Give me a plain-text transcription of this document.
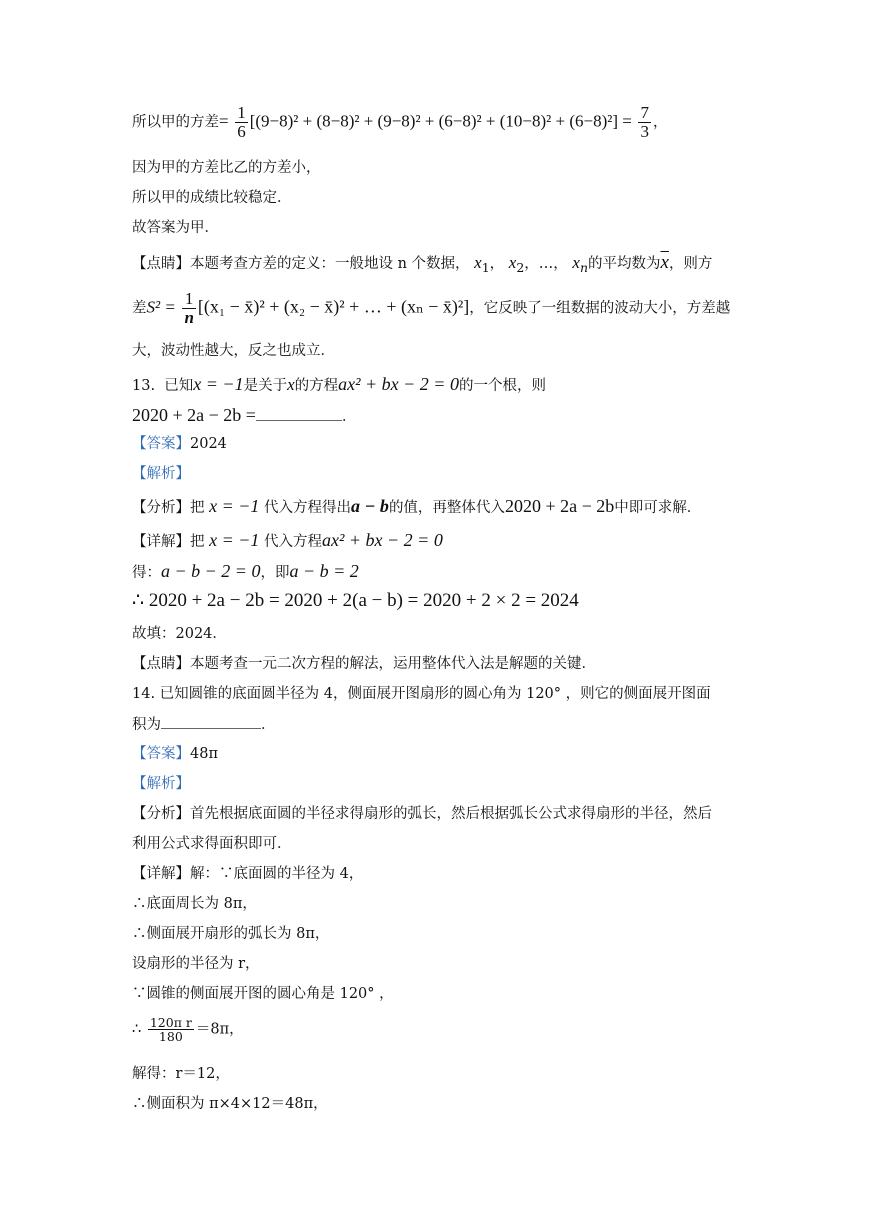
所以甲的方差= $\frac{1}{6} [(9-8)^2 + (8-8)^2 + (9-8)^2 + (6-8)^2 + (10-8)^2 + (6-8)^2] = \frac{7}{3}$ ，
因为甲的方差比乙的方差小，
所以甲的成绩比较稳定．
故答案为甲．
【点睛】本题考查方差的定义：一般地设 n 个数据， $x_1$， $x_2$，…， $x_n$的平均数为$\overline{x}$，则方
差$S^2 = \frac{1}{n} [(x_1$ − x̄)² + (x₂ − x̄)² + … + (xₙ − x̄)²]，它反映了一组数据的波动大小，方差越
大，波动性越大，反之也成立．
13. 已知x = −1是关于x的方程ax² + bx − 2 = 0的一个根，则
2020 + 2a − 2b =	．
【答案】2024
【解析】
【分析】把 x = −1 代入方程得出a − b的值，再整体代入2020 + 2a − 2b中即可求解．
【详解】把 x = −1 代入方程ax² + bx − 2 = 0
得：a − b − 2 = 0，即a − b = 2
∴ 2020 + 2a − 2b = 2020 + 2(a − b) = 2020 + 2 × 2 = 2024
故填：2024．
【点睛】本题考查一元二次方程的解法，运用整体代入法是解题的关键．
14. 已知圆锥的底面圆半径为 4，侧面展开图扇形的圆心角为 120° ，则它的侧面展开图面
积为	．
【答案】48π
【解析】
【分析】首先根据底面圆的半径求得扇形的弧长，然后根据弧长公式求得扇形的半径，然后
利用公式求得面积即可．
【详解】解：∵底面圆的半径为 4，
∴底面周长为 8π，
∴侧面展开扇形的弧长为 8π，
设扇形的半径为 r，
∵圆锥的侧面展开图的圆心角是 120° ，
∴ $\frac{\text{120π r}}{180} =8\pi$，
解得：r＝12，
∴侧面积为 π×4×12＝48π，
